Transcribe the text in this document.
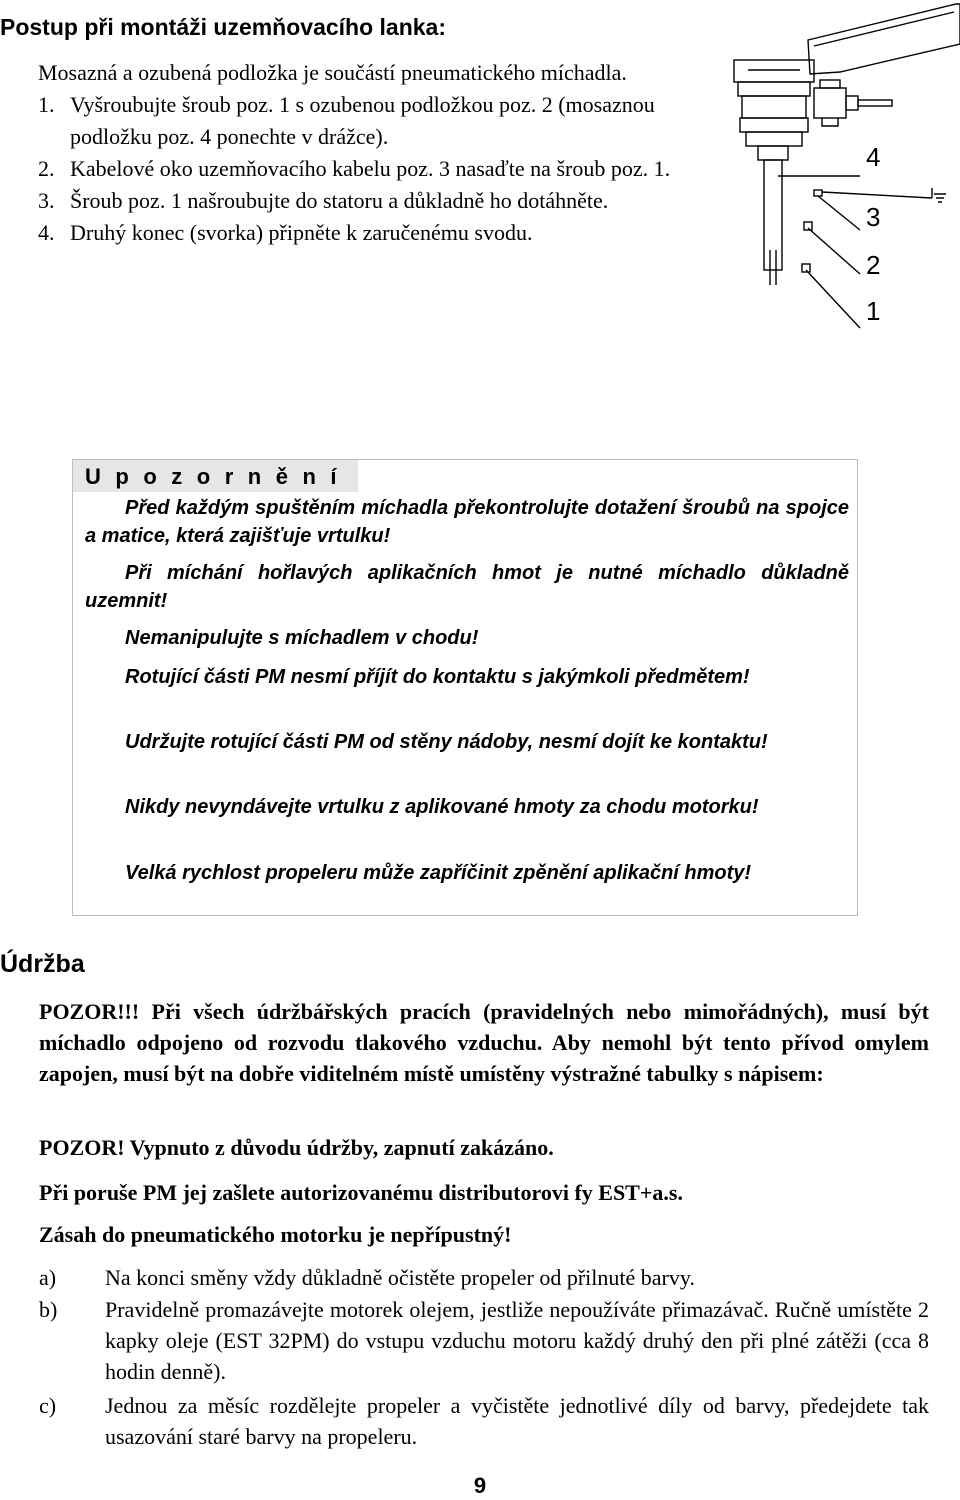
Postup při montáži uzemňovacího lanka:

Mosazná a ozubená podložka je součástí pneumatického míchadla.

1. Vyšroubujte šroub poz. 1 s ozubenou podložkou poz. 2 (mosaznou podložku poz. 4 ponechte v drážce).
2. Kabelové oko uzemňovacího kabelu poz. 3 nasaďte na šroub poz. 1.
3. Šroub poz. 1 našroubujte do statoru a důkladně ho dotáhněte.
4. Druhý konec (svorka) připněte k zaručenému svodu.
4
3
2
1
Upozornění
Před každým spuštěním míchadla překontrolujte dotažení šroubů na spojce a matice, která zajišťuje vrtulku!
Při míchání hořlavých aplikačních hmot je nutné míchadlo důkladně uzemnit!
Nemanipulujte s míchadlem v chodu!
Rotující části PM nesmí příjít do kontaktu s jakýmkoli předmětem!
Udržujte rotující části PM od stěny nádoby, nesmí dojít ke kontaktu!
Nikdy nevyndávejte vrtulku z aplikované hmoty za chodu motorku!
Velká rychlost propeleru může zapříčinit zpěnění aplikační hmoty!
Údržba
POZOR!!! Při všech údržbářských pracích (pravidelných nebo mimořádných), musí být míchadlo odpojeno od rozvodu tlakového vzduchu. Aby nemohl být tento přívod omylem zapojen, musí být na dobře viditelném místě umístěny výstražné tabulky s nápisem:
POZOR! Vypnuto z důvodu údržby, zapnutí zakázáno.
Při poruše PM jej zašlete autorizovanému distributorovi fy EST+a.s.
Zásah do pneumatického motorku je nepřípustný!
a) Na konci směny vždy důkladně očistěte propeler od přilnuté barvy.
b) Pravidelně promazávejte motorek olejem, jestliže nepoužíváte přimazávač. Ručně umístěte 2 kapky oleje (EST 32PM) do vstupu vzduchu motoru každý druhý den při plné zátěži (cca 8 hodin denně).
c) Jednou za měsíc rozdělejte propeler a vyčistěte jednotlivé díly od barvy, předejdete tak usazování staré barvy na propeleru.
9
